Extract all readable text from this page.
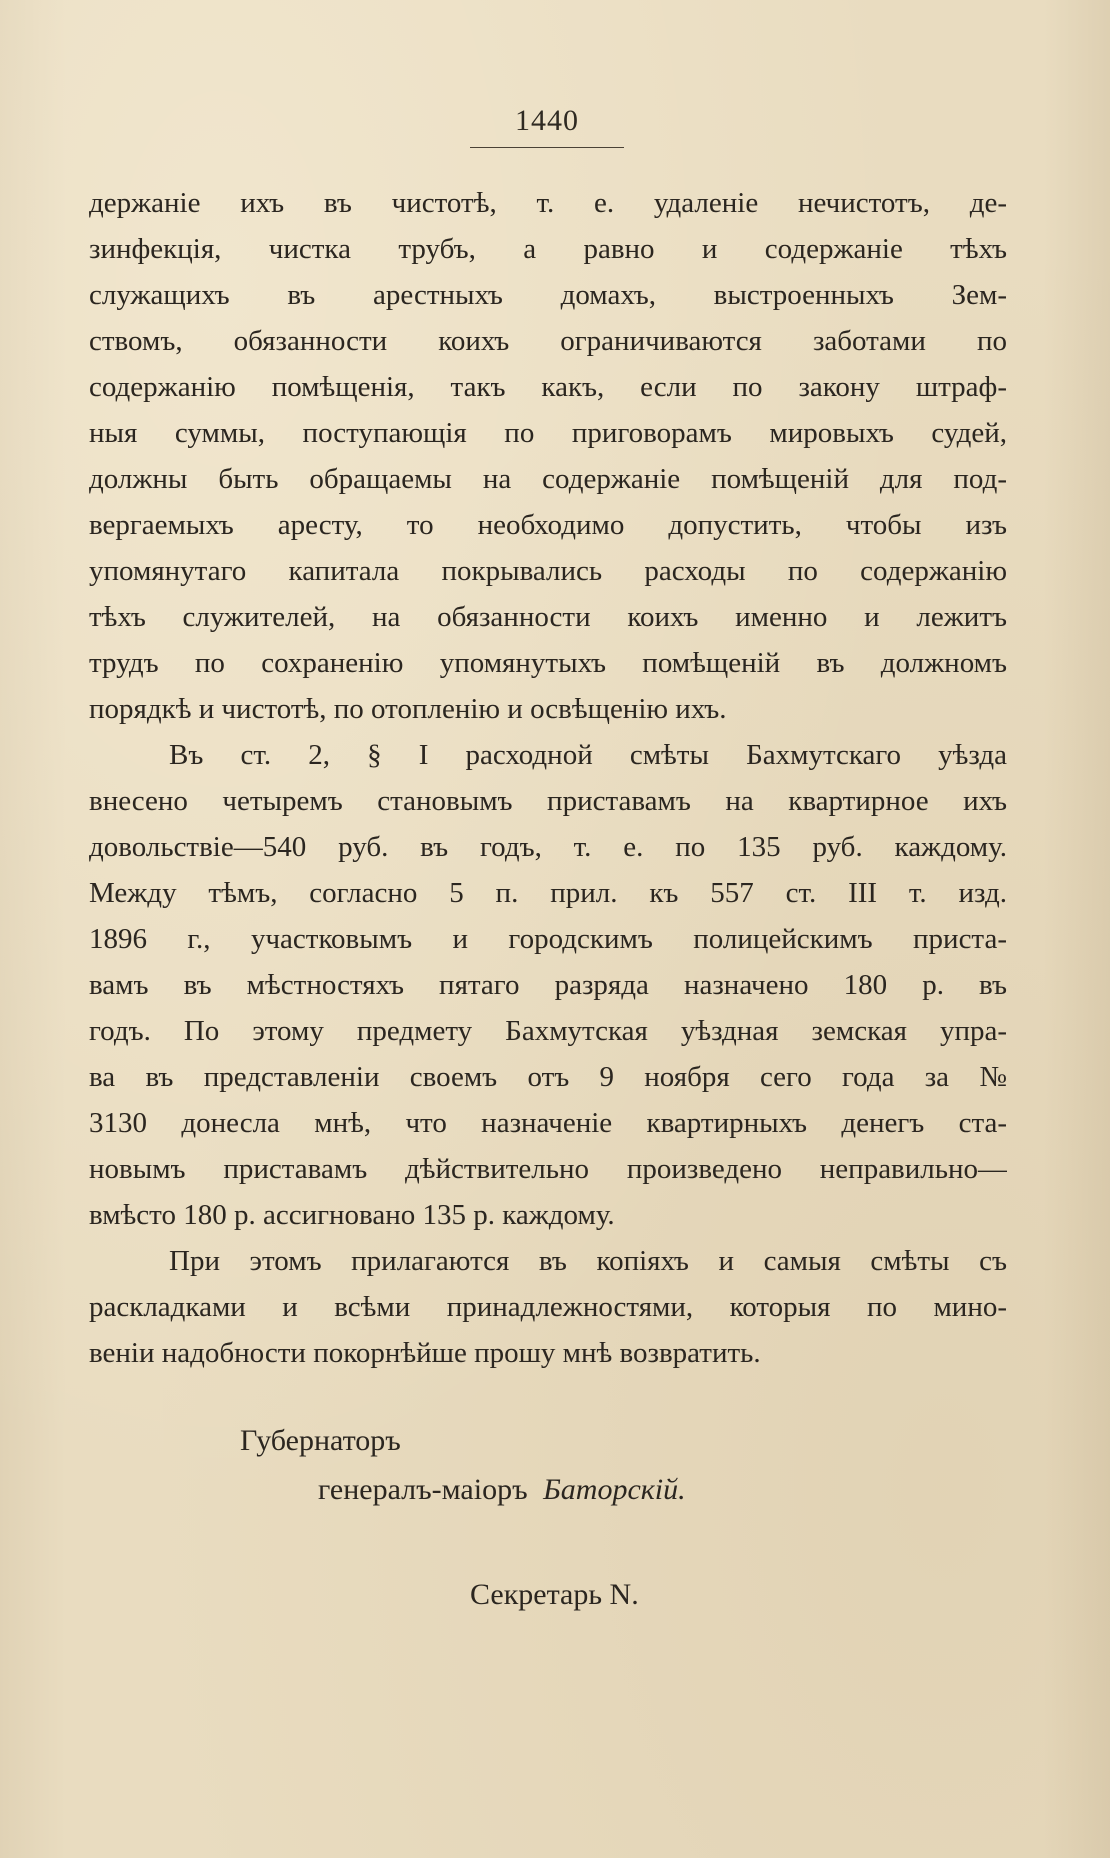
1440
держаніе ихъ въ чистотѣ, т. е. удаленіе нечистотъ, де-
зинфекція, чистка трубъ, а равно и содержаніе тѣхъ
служащихъ въ арестныхъ домахъ, выстроенныхъ Зем-
ствомъ, обязанности коихъ ограничиваются заботами по
содержанію помѣщенія, такъ какъ, если по закону штраф-
ныя суммы, поступающія по приговорамъ мировыхъ судей,
должны быть обращаемы на содержаніе помѣщеній для под-
вергаемыхъ аресту, то необходимо допустить, чтобы изъ
упомянутаго капитала покрывались расходы по содержанію
тѣхъ служителей, на обязанности коихъ именно и лежитъ
трудъ по сохраненію упомянутыхъ помѣщеній въ должномъ
порядкѣ и чистотѣ, по отопленію и освѣщенію ихъ.
Въ ст. 2, § I расходной смѣты Бахмутскаго уѣзда
внесено четыремъ становымъ приставамъ на квартирное ихъ
довольствіе—540 руб. въ годъ, т. е. по 135 руб. каждому.
Между тѣмъ, согласно 5 п. прил. къ 557 ст. III т. изд.
1896 г., участковымъ и городскимъ полицейскимъ приста-
вамъ въ мѣстностяхъ пятаго разряда назначено 180 р. въ
годъ. По этому предмету Бахмутская уѣздная земская упра-
ва въ представленіи своемъ отъ 9 ноября сего года за №
3130 донесла мнѣ, что назначеніе квартирныхъ денегъ ста-
новымъ приставамъ дѣйствительно произведено неправильно—
вмѣсто 180 р. ассигновано 135 р. каждому.
При этомъ прилагаются въ копіяхъ и самыя смѣты съ
раскладками и всѣми принадлежностями, которыя по мино-
веніи надобности покорнѣйше прошу мнѣ возвратить.
Губернаторъ
генералъ-маіоръ Баторскій.
Секретарь N.
